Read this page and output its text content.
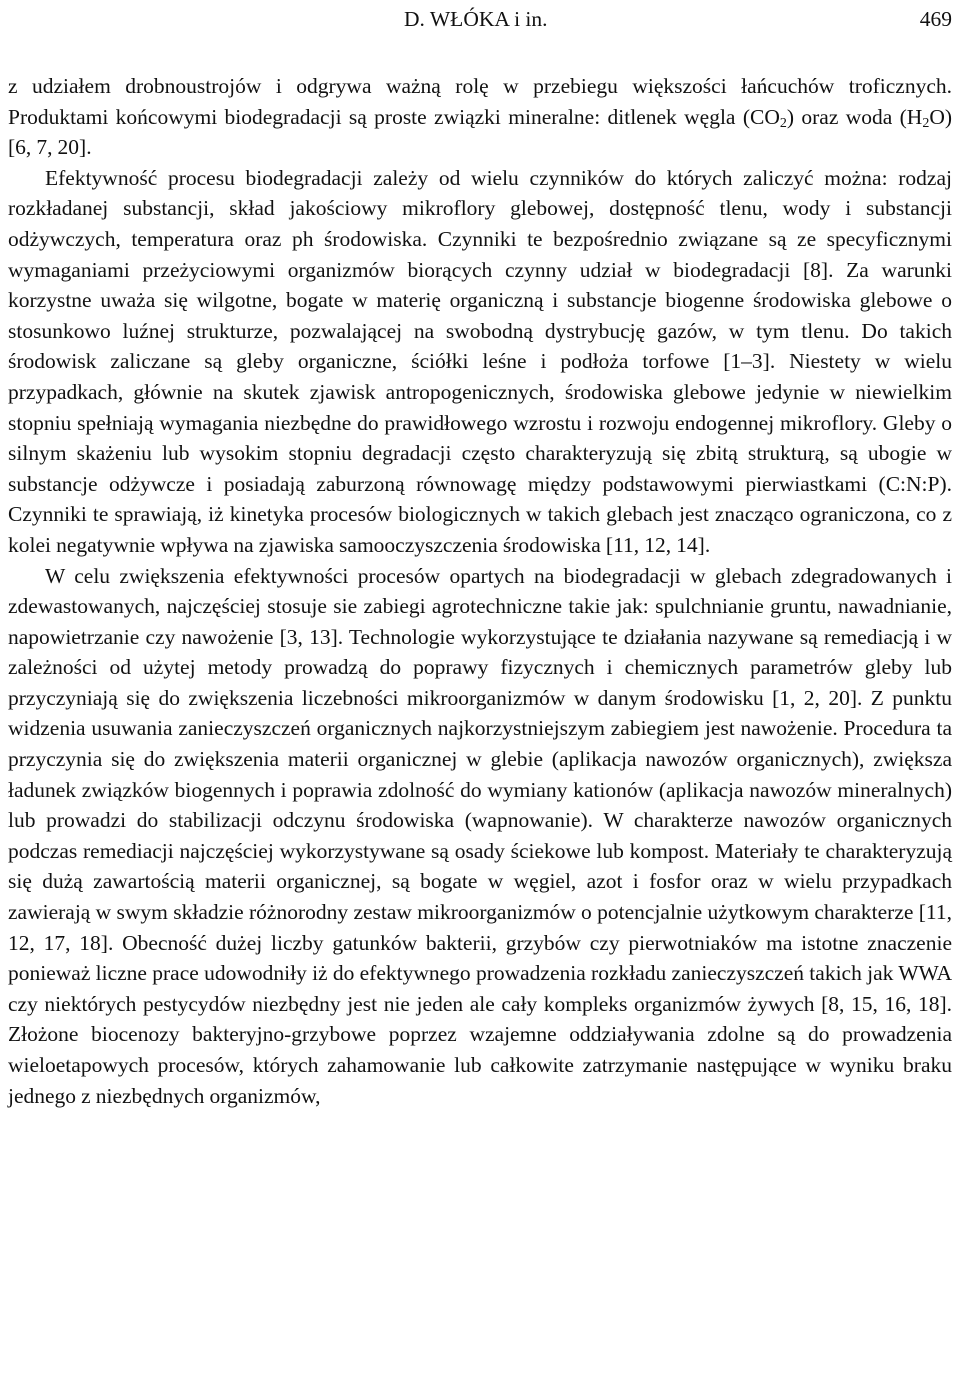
D. WŁÓKA i in.	469

z udziałem drobnoustrojów i odgrywa ważną rolę w przebiegu większości łańcuchów troficznych. Produktami końcowymi biodegradacji są proste związki mineralne: ditlenek węgla $(CO_2)$ oraz woda $(H_2O)$ [6, 7, 20].

Efektywność procesu biodegradacji zależy od wielu czynników do których zaliczyć można: rodzaj rozkładanej substancji, skład jakościowy mikroflory glebowej, dostępność tlenu, wody i substancji odżywczych, temperatura oraz ph środowiska. Czynniki te bezpośrednio związane są ze specyficznymi wymaganiami przeżyciowymi organizmów biorących czynny udział w biodegradacji [8]. Za warunki korzystne uważa się wilgotne, bogate w materię organiczną i substancje biogenne środowiska glebowe o stosunkowo luźnej strukturze, pozwalającej na swobodną dystrybucję gazów, w tym tlenu. Do takich środowisk zaliczane są gleby organiczne, ściółki leśne i podłoża torfowe [1–3]. Niestety w wielu przypadkach, głównie na skutek zjawisk antropogenicznych, środowiska glebowe jedynie w niewielkim stopniu spełniają wymagania niezbędne do prawidłowego wzrostu i rozwoju endogennej mikroflory. Gleby o silnym skażeniu lub wysokim stopniu degradacji często charakteryzują się zbitą strukturą, są ubogie w substancje odżywcze i posiadają zaburzoną równowagę między podstawowymi pierwiastkami (C:N:P). Czynniki te sprawiają, iż kinetyka procesów biologicznych w takich glebach jest znacząco ograniczona, co z kolei negatywnie wpływa na zjawiska samooczyszczenia środowiska [11, 12, 14].

W celu zwiększenia efektywności procesów opartych na biodegradacji w glebach zdegradowanych i zdewastowanych, najczęściej stosuje sie zabiegi agrotechniczne takie jak: spulchnianie gruntu, nawadnianie, napowietrzanie czy nawożenie [3, 13]. Technologie wykorzystujące te działania nazywane są remediacją i w zależności od użytej metody prowadzą do poprawy fizycznych i chemicznych parametrów gleby lub przyczyniają się do zwiększenia liczebności mikroorganizmów w danym środowisku [1, 2, 20]. Z punktu widzenia usuwania zanieczyszczeń organicznych najkorzystniejszym zabiegiem jest nawożenie. Procedura ta przyczynia się do zwiększenia materii organicznej w glebie (aplikacja nawozów organicznych), zwiększa ładunek związków biogennych i poprawia zdolność do wymiany kationów (aplikacja nawozów mineralnych) lub prowadzi do stabilizacji odczynu środowiska (wapnowanie). W charakterze nawozów organicznych podczas remediacji najczęściej wykorzystywane są osady ściekowe lub kompost. Materiały te charakteryzują się dużą zawartością materii organicznej, są bogate w węgiel, azot i fosfor oraz w wielu przypadkach zawierają w swym składzie różnorodny zestaw mikroorganizmów o potencjalnie użytkowym charakterze [11, 12, 17, 18]. Obecność dużej liczby gatunków bakterii, grzybów czy pierwotniaków ma istotne znaczenie ponieważ liczne prace udowodniły iż do efektywnego prowadzenia rozkładu zanieczyszczeń takich jak WWA czy niektórych pestycydów niezbędny jest nie jeden ale cały kompleks organizmów żywych [8, 15, 16, 18]. Złożone biocenozy bakteryjno-grzybowe poprzez wzajemne oddziaływania zdolne są do prowadzenia wieloetapowych procesów, których zahamowanie lub całkowite zatrzymanie następujące w wyniku braku jednego z niezbędnych organizmów,
